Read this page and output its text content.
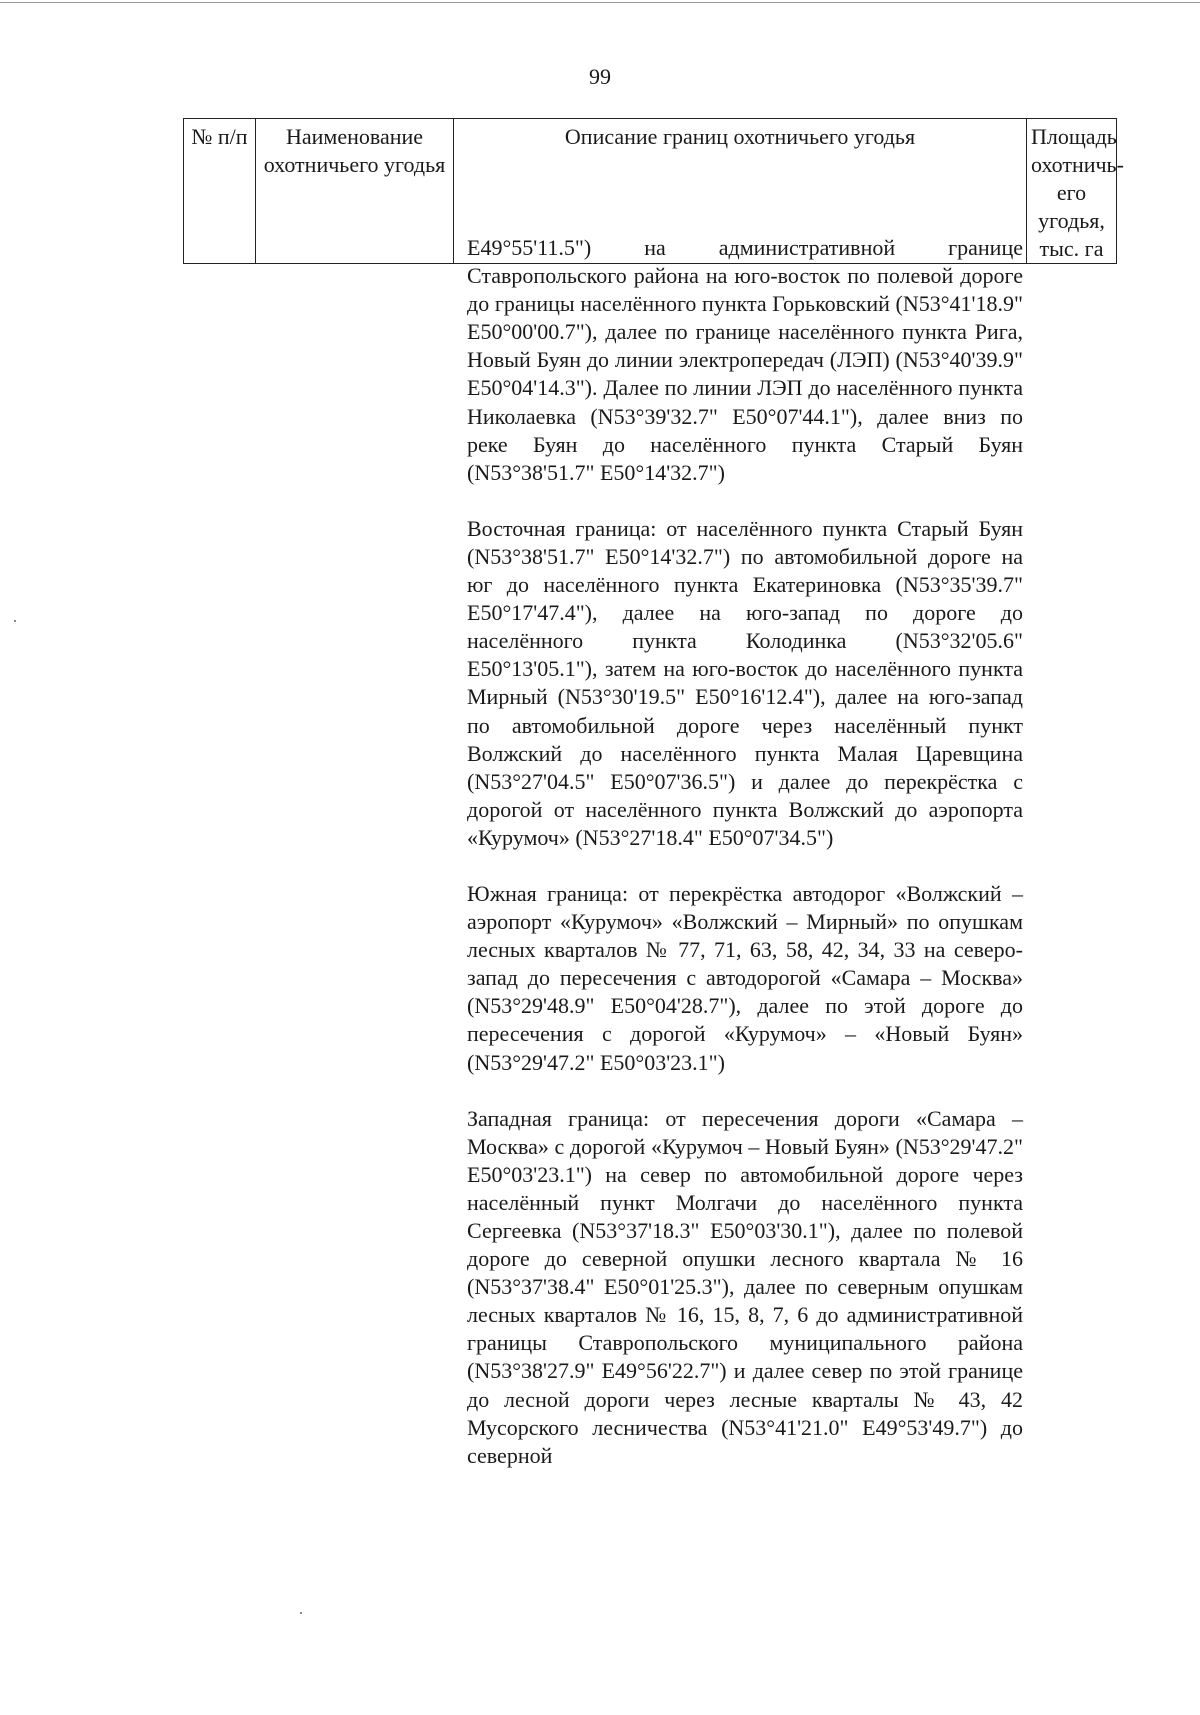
99
№ п/п	Наименование охотничьего угодья	Описание границ охотничьего угодья	Площадь охотничь-его угодья, тыс. га

E49°55'11.5") на административной границе Ставропольского района на юго-восток по полевой дороге до границы населённого пункта Горьковский (N53°41'18.9" E50°00'00.7"), далее по границе населённого пункта Рига, Новый Буян до линии электропередач (ЛЭП) (N53°40'39.9" E50°04'14.3"). Далее по линии ЛЭП до населённого пункта Николаевка (N53°39'32.7" E50°07'44.1"), далее вниз по реке Буян до населённого пункта Старый Буян (N53°38'51.7" E50°14'32.7")

Восточная граница: от населённого пункта Старый Буян (N53°38'51.7" E50°14'32.7") по автомобильной дороге на юг до населённого пункта Екатериновка (N53°35'39.7" E50°17'47.4"), далее на юго-запад по дороге до населённого пункта Колодинка (N53°32'05.6" E50°13'05.1"), затем на юго-восток до населённого пункта Мирный (N53°30'19.5" E50°16'12.4"), далее на юго-запад по автомобильной дороге через населённый пункт Волжский до населённого пункта Малая Царевщина (N53°27'04.5" E50°07'36.5") и далее до перекрёстка с дорогой от населённого пункта Волжский до аэропорта «Курумоч» (N53°27'18.4" E50°07'34.5")

Южная граница: от перекрёстка автодорог «Волжский – аэропорт «Курумоч» «Волжский – Мирный» по опушкам лесных кварталов № 77, 71, 63, 58, 42, 34, 33 на северо-запад до пересечения с автодорогой «Самара – Москва» (N53°29'48.9" E50°04'28.7"), далее по этой дороге до пересечения с дорогой «Курумоч» – «Новый Буян» (N53°29'47.2" E50°03'23.1")

Западная граница: от пересечения дороги «Самара – Москва» с дорогой «Курумоч – Новый Буян» (N53°29'47.2" E50°03'23.1") на север по автомобильной дороге через населённый пункт Молгачи до населённого пункта Сергеевка (N53°37'18.3" E50°03'30.1"), далее по полевой дороге до северной опушки лесного квартала № 16 (N53°37'38.4" E50°01'25.3"), далее по северным опушкам лесных кварталов № 16, 15, 8, 7, 6 до административной границы Ставропольского муниципального района (N53°38'27.9" E49°56'22.7") и далее север по этой границе до лесной дороги через лесные кварталы № 43, 42 Мусорского лесничества (N53°41'21.0" E49°53'49.7") до северной
